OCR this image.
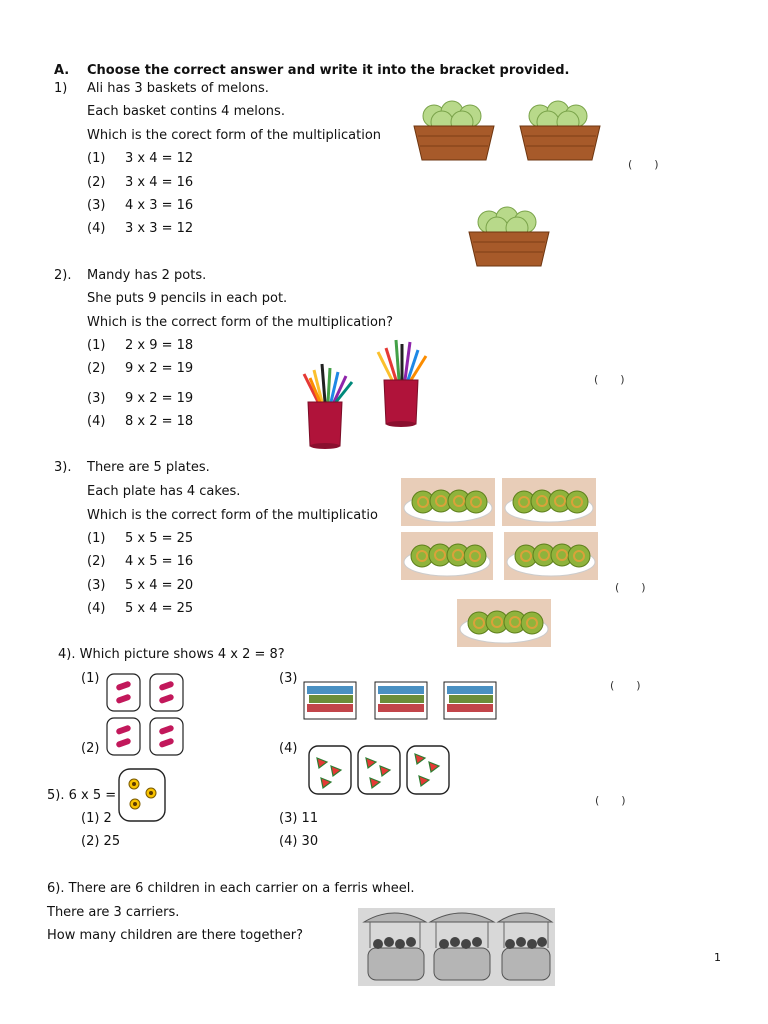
A. Choose the correct answer and write it into the bracket provided.
1) Ali has 3 baskets of melons.
Each basket contins 4 melons.
Which is the corect form of the multiplication
(1) 3 x 4 = 12
(2) 3 x 4 = 16
(3) 4 x 3 = 16
(4) 3 x 3 = 12
( )
2). Mandy has 2 pots.
She puts 9 pencils in each pot.
Which is the correct form of the multiplication?
(1) 2 x 9 = 18
(2) 9 x 2 = 19
(3) 9 x 2 = 19
(4) 8 x 2 = 18
( )
3). There are 5 plates.
Each plate has 4 cakes.
Which is the correct form of the multiplicatio
(1) 5 x 5 = 25
(2) 4 x 5 = 16
(3) 5 x 4 = 20
(4) 5 x 4 = 25
( )
4). Which picture shows 4 x 2 = 8?
(1)
(2)
(3)
(4)
( )
5). 6 x 5 =
(1) 2
(2) 25
(3) 11
(4) 30
( )
6). There are 6 children in each carrier on a ferris wheel.
There are 3 carriers.
How many children are there together?
1
